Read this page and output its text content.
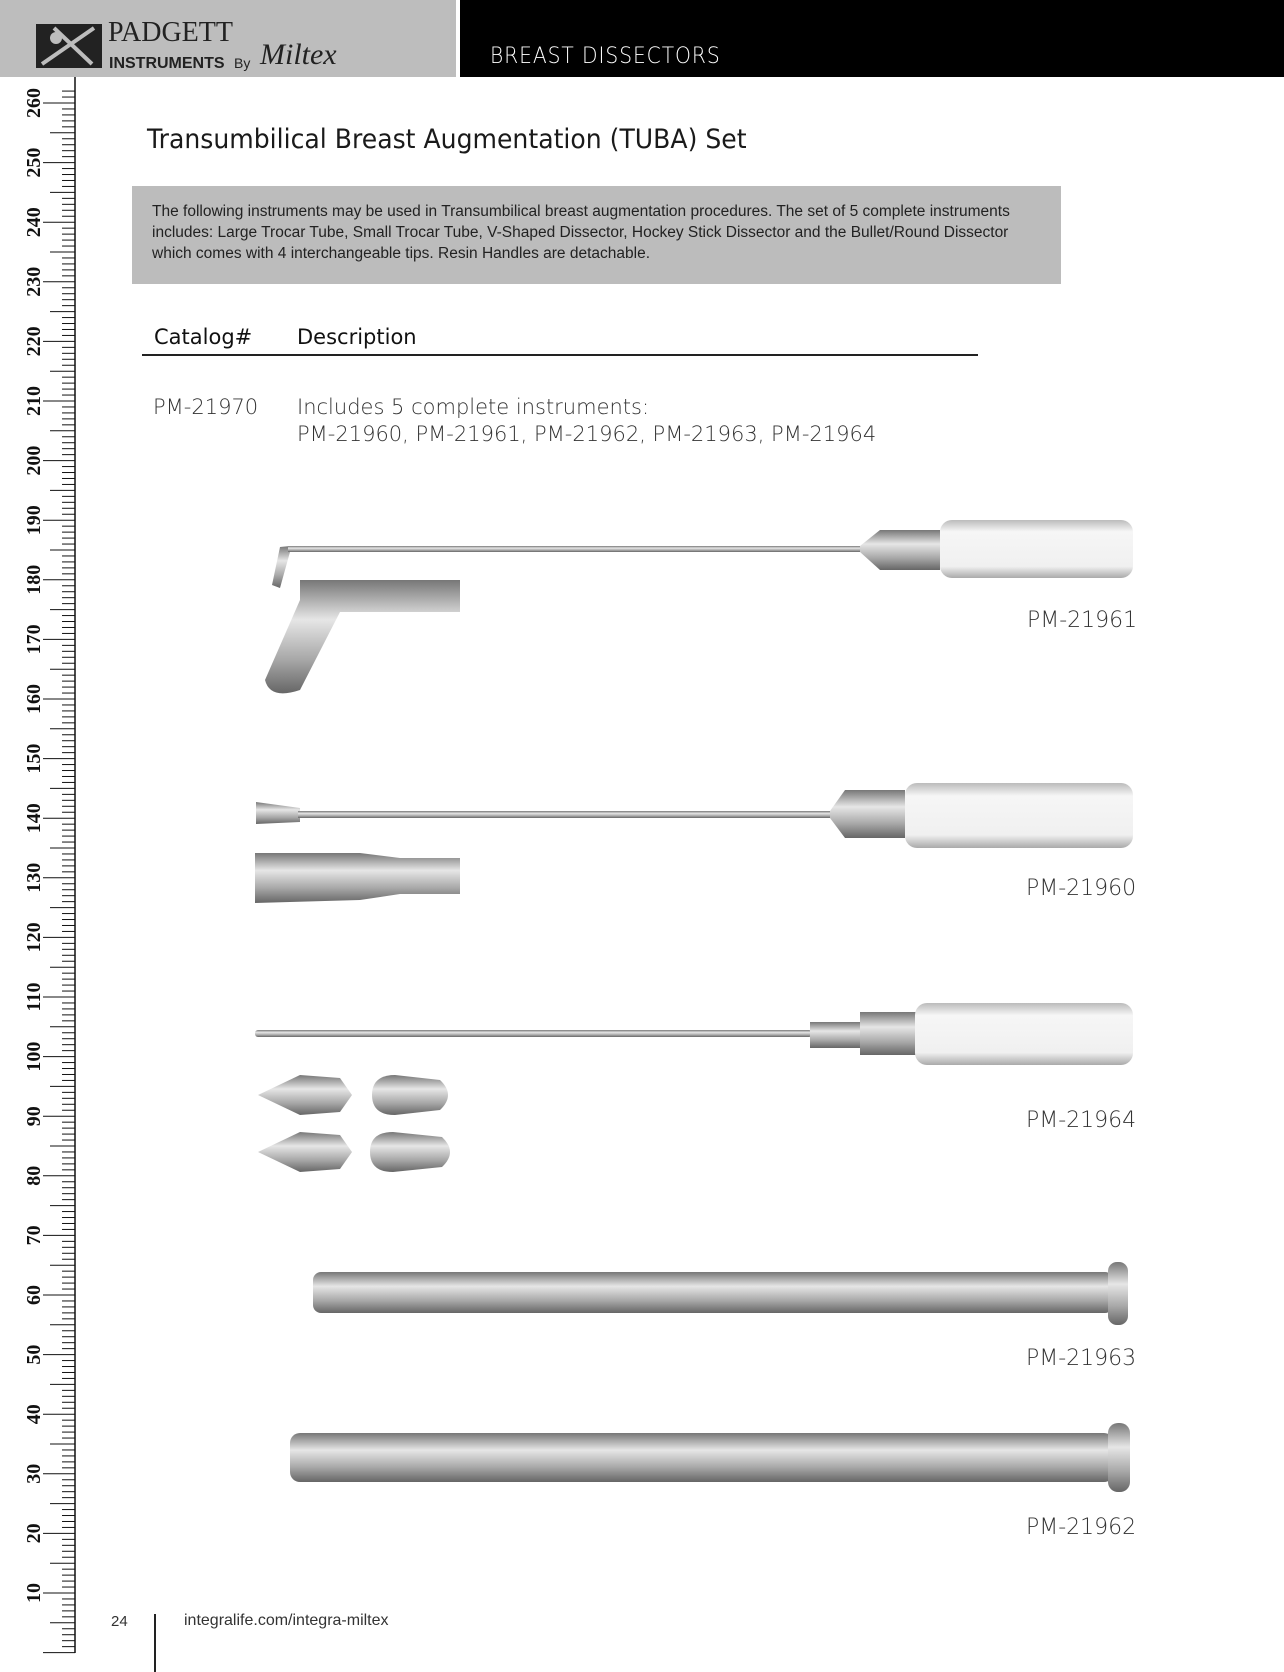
PADGETT
INSTRUMENTS By Miltex	BREAST DISSECTORS
10
20
30
40
50
60
70
80
90
100
110
120
130
140
150
160
170
180
190
200
210
220
230
240
250
260
Transumbilical Breast Augmentation (TUBA) Set
The following instruments may be used in Transumbilical breast augmentation procedures. The set of 5 complete instruments includes: Large Trocar Tube, Small Trocar Tube, V-Shaped Dissector, Hockey Stick Dissector and the Bullet/Round Dissector which comes with 4 interchangeable tips. Resin Handles are detachable.
Catalog# Description
PM-21970 Includes 5 complete instruments:
PM-21960, PM-21961, PM-21962, PM-21963, PM-21964
PM-21961
PM-21960
PM-21964
PM-21963
PM-21962
24	integralife.com/integra-miltex
